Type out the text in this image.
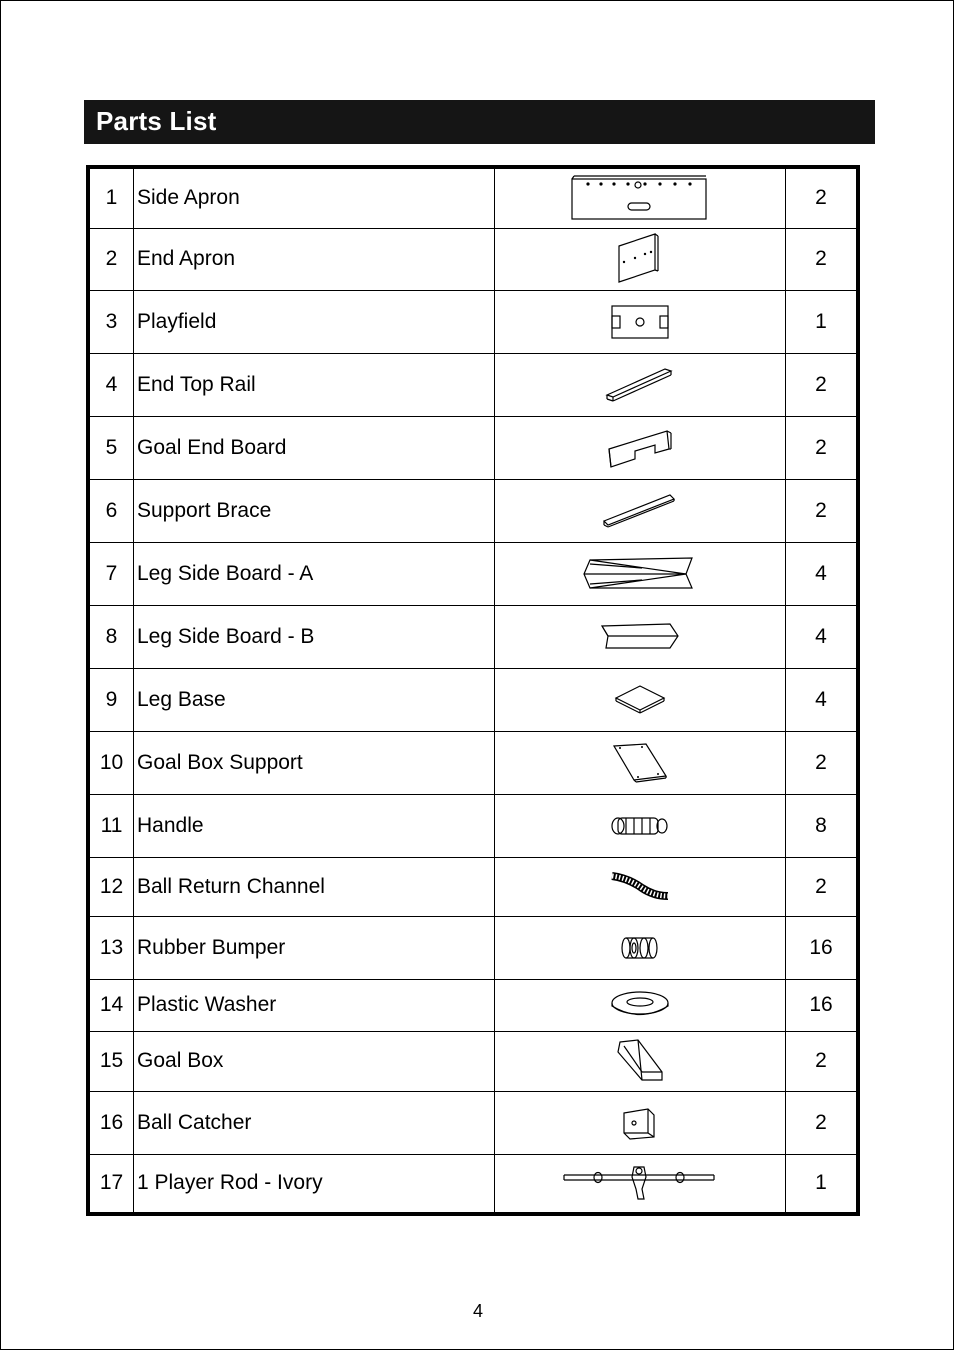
Parts List
1	Side Apron		2
2	End Apron		2
3	Playfield		1
4	End Top Rail		2
5	Goal End Board		2
6	Support Brace		2
7	Leg Side Board - A		4
8	Leg Side Board - B		4
9	Leg Base		4
10	Goal Box Support		2
11	Handle		8
12	Ball Return Channel		2
13	Rubber Bumper		16
14	Plastic Washer		16
15	Goal Box		2
16	Ball Catcher		2
17	1 Player Rod - Ivory		1
4
